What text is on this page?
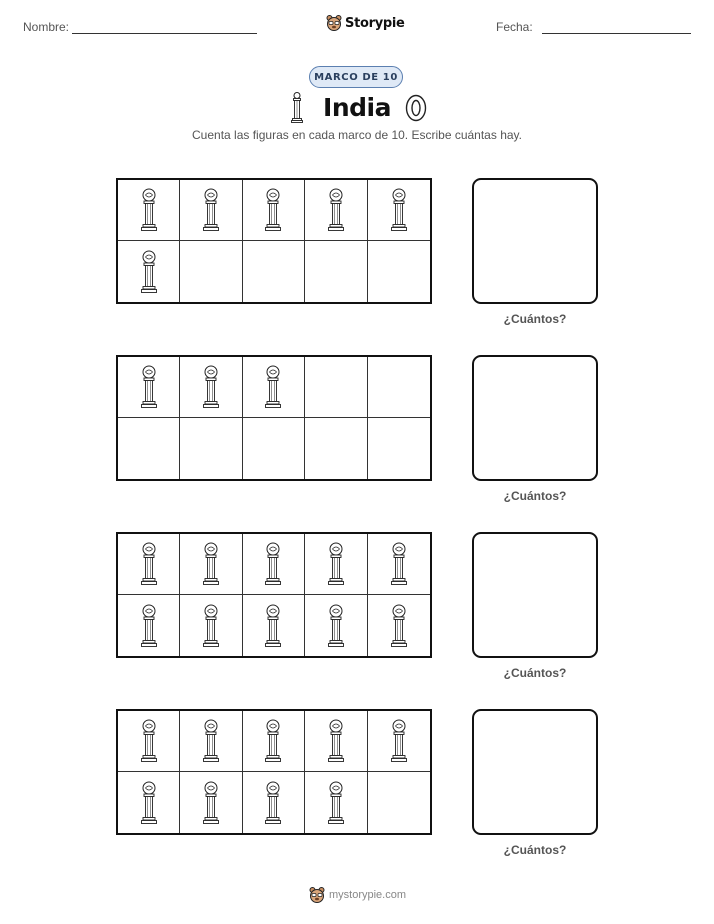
Nombre:	Storypie	Fecha:
MARCO DE 10
India
Cuenta las figuras en cada marco de 10. Escribe cuántas hay.
¿Cuántos?
¿Cuántos?
¿Cuántos?
¿Cuántos?
mystorypie.com
